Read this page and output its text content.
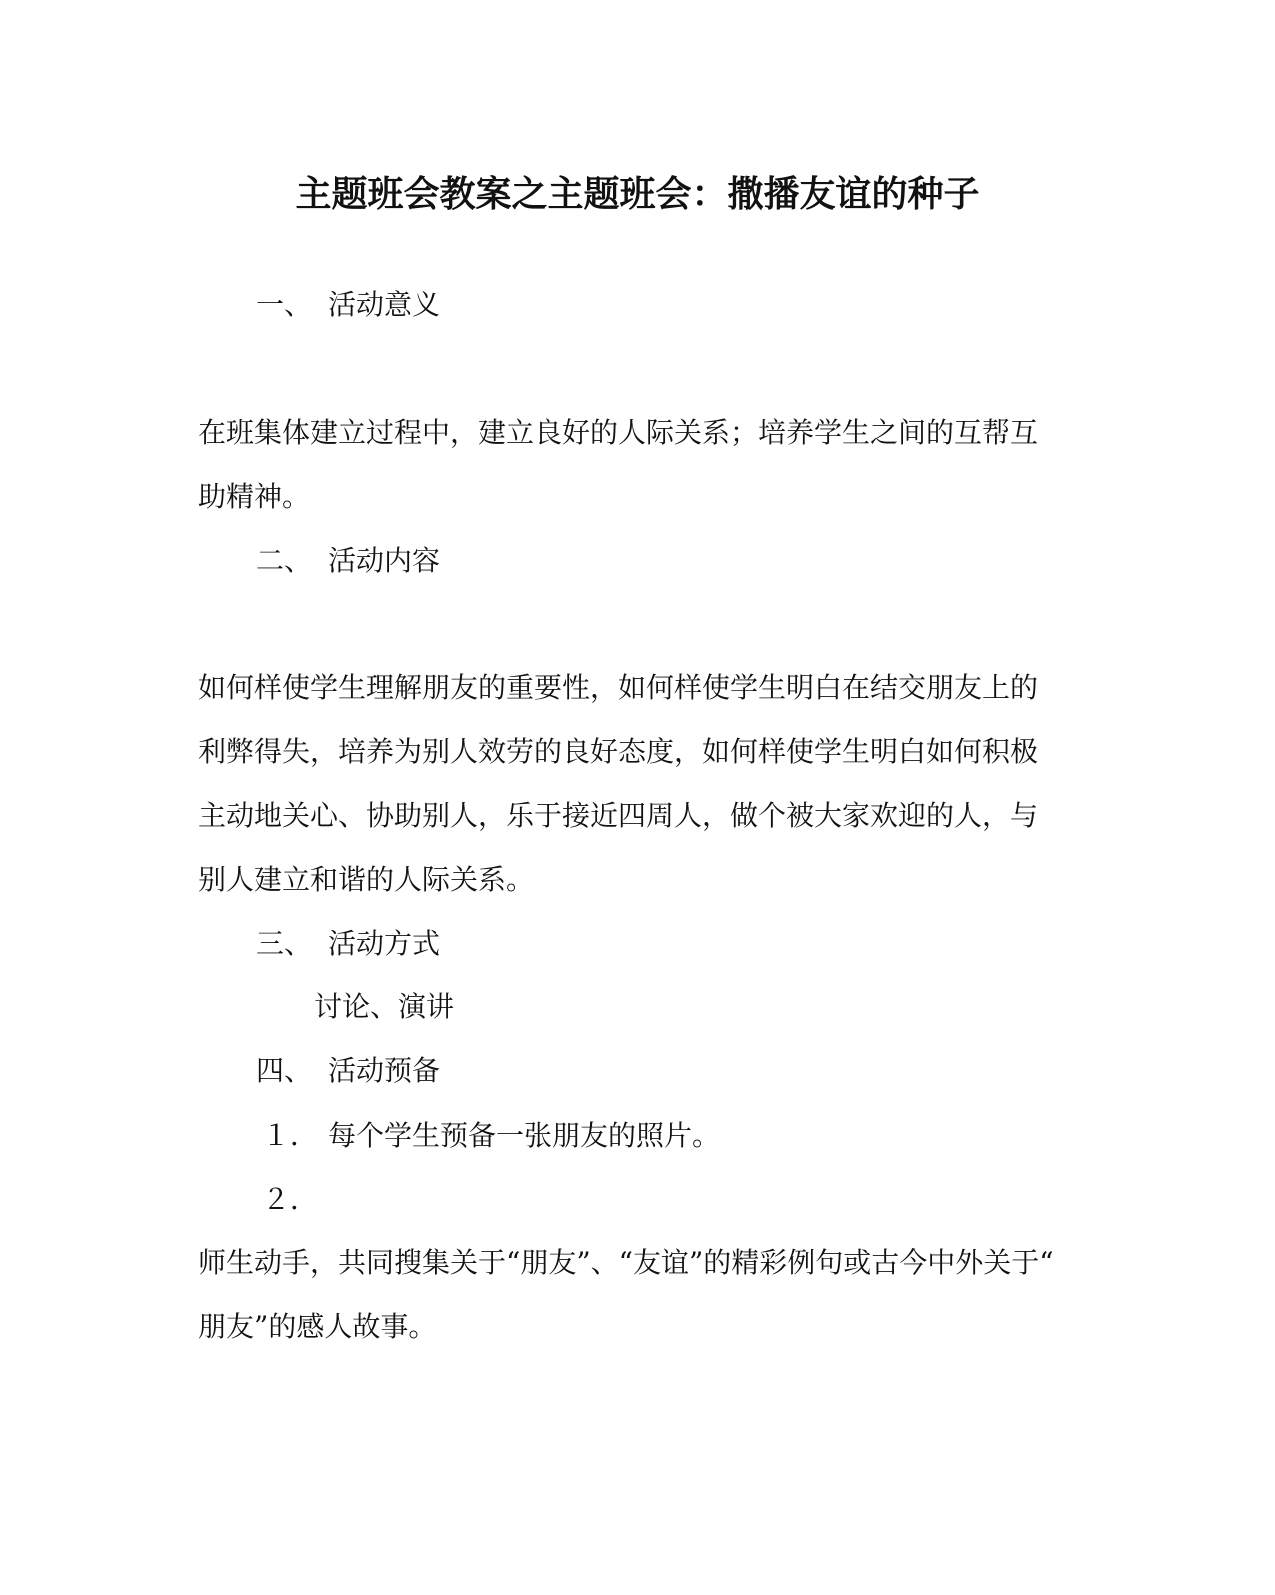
主题班会教案之主题班会：撒播友谊的种子
一、 活动意义
在班集体建立过程中，建立良好的人际关系；培养学生之间的互帮互
助精神。
二、 活动内容
如何样使学生理解朋友的重要性，如何样使学生明白在结交朋友上的
利弊得失，培养为别人效劳的良好态度，如何样使学生明白如何积极
主动地关心、协助别人，乐于接近四周人，做个被大家欢迎的人，与
别人建立和谐的人际关系。
三、 活动方式
讨论、演讲
四、 活动预备
１． 每个学生预备一张朋友的照片。
２．
师生动手，共同搜集关于“朋友”、“友谊”的精彩例句或古今中外关于“
朋友”的感人故事。
